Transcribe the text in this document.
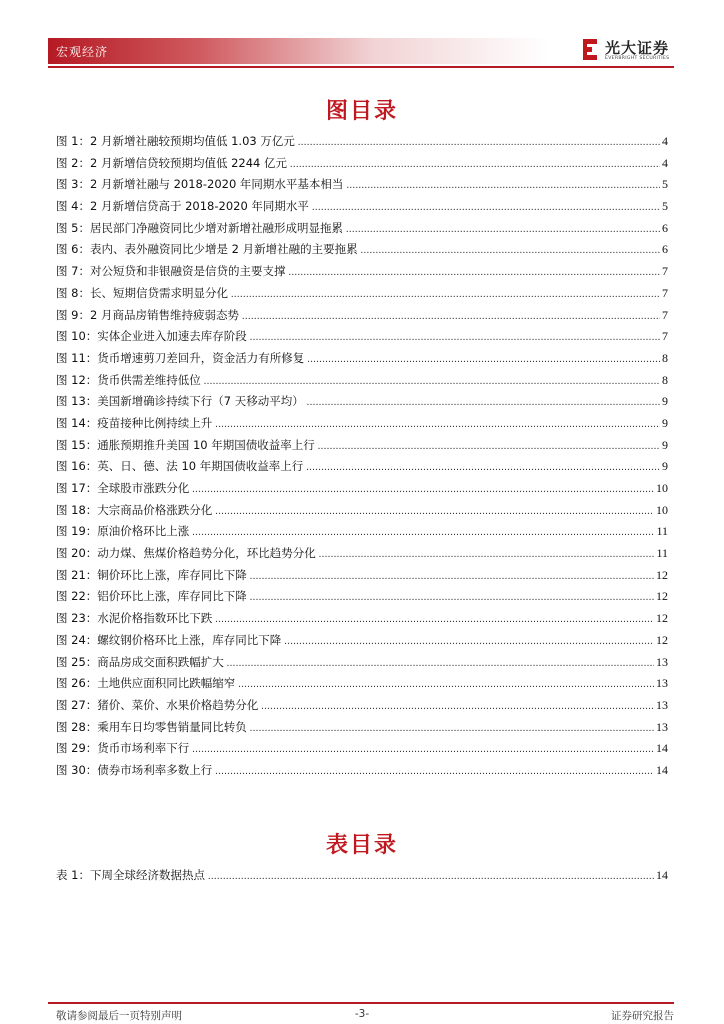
宏观经济	光大证券
EVERBRIGHT SECURITIES
图目录
图 1：2 月新增社融较预期均值低 1.03 万亿元 .....	4
图 2：2 月新增信贷较预期均值低 2244 亿元 .....	4
图 3：2 月新增社融与 2018-2020 年同期水平基本相当 .....	5
图 4：2 月新增信贷高于 2018-2020 年同期水平 .....	5
图 5：居民部门净融资同比少增对新增社融形成明显拖累 .....	6
图 6：表内、表外融资同比少增是 2 月新增社融的主要拖累 .....	6
图 7：对公短贷和非银融资是信贷的主要支撑 .....	7
图 8：长、短期信贷需求明显分化 .....	7
图 9：2 月商品房销售维持疲弱态势 .....	7
图 10：实体企业进入加速去库存阶段 .....	7
图 11：货币增速剪刀差回升，资金活力有所修复 .....	8
图 12：货币供需差维持低位 .....	8
图 13：美国新增确诊持续下行（7 天移动平均） .....	9
图 14：疫苗接种比例持续上升 .....	9
图 15：通胀预期推升美国 10 年期国债收益率上行 .....	9
图 16：英、日、德、法 10 年期国债收益率上行 .....	9
图 17：全球股市涨跌分化 .....	10
图 18：大宗商品价格涨跌分化 .....	10
图 19：原油价格环比上涨 .....	11
图 20：动力煤、焦煤价格趋势分化，环比趋势分化 .....	11
图 21：铜价环比上涨，库存同比下降 .....	12
图 22：铝价环比上涨，库存同比下降 .....	12
图 23：水泥价格指数环比下跌 .....	12
图 24：螺纹钢价格环比上涨，库存同比下降 .....	12
图 25：商品房成交面积跌幅扩大 .....	13
图 26：土地供应面积同比跌幅缩窄 .....	13
图 27：猪价、菜价、水果价格趋势分化 .....	13
图 28：乘用车日均零售销量同比转负 .....	13
图 29：货币市场利率下行 .....	14
图 30：债券市场利率多数上行 .....	14
表目录
表 1：下周全球经济数据热点 .....	14
敬请参阅最后一页特别声明	-3-	证券研究报告
